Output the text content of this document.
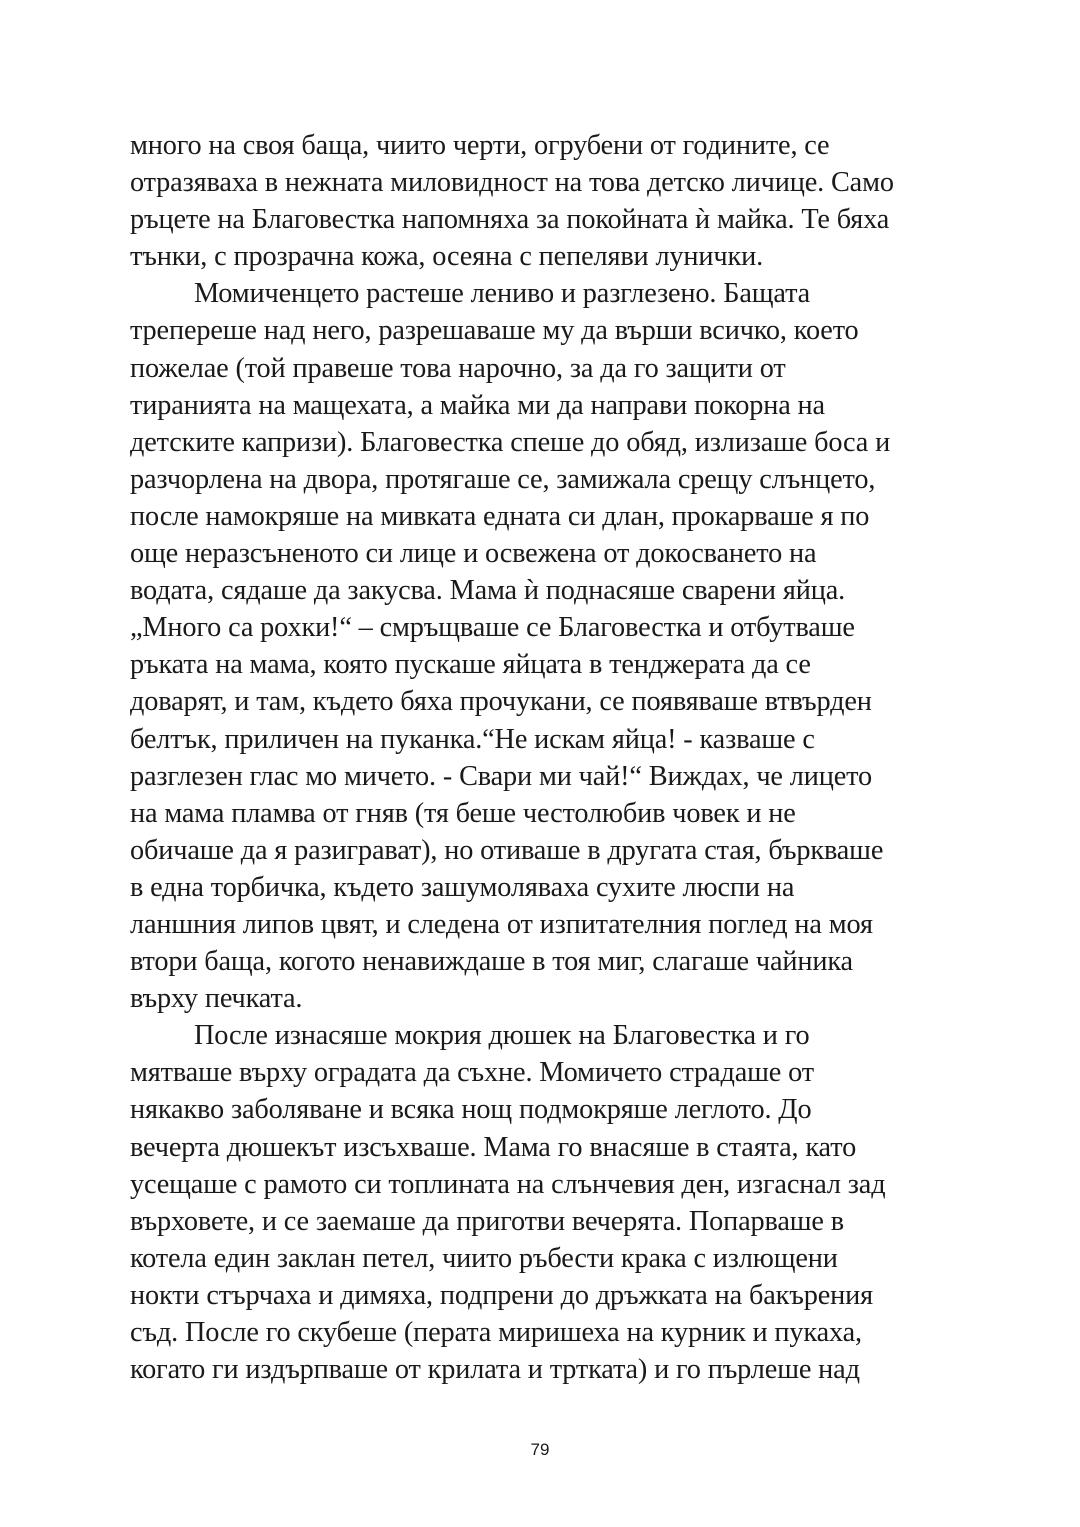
много на своя баща, чиито черти, огрубени от годините, се
отразяваха в нежната миловидност на това детско личице. Само
ръцете на Благовестка напомняха за покойната ѝ майка. Те бяха
тънки, с прозрачна кожа, осеяна с пепеляви лунички.
Момиченцето растеше лениво и разглезено. Бащата
трепереше над него, разрешаваше му да върши всичко, което
пожелае (той правеше това нарочно, за да го защити от
тиранията на мащехата, а майка ми да направи покорна на
детските капризи). Благовестка спеше до обяд, излизаше боса и
разчорлена на двора, протягаше се, замижала срещу слънцето,
после намокряше на мивката едната си длан, прокарваше я по
още неразсъненото си лице и освежена от докосването на
водата, сядаше да закусва. Мама ѝ поднасяше сварени яйца.
„Много са рохки!“ – смръщваше се Благовестка и отбутваше
ръката на мама, която пускаше яйцата в тенджерата да се
доварят, и там, където бяха прочукани, се появяваше втвърден
белтък, приличен на пуканка.“Не искам яйца! - казваше с
разглезен глас мо мичето. - Свари ми чай!“ Виждах, че лицето
на мама пламва от гняв (тя беше честолюбив човек и не
обичаше да я разиграват), но отиваше в другата стая, бъркваше
в една торбичка, където зашумоляваха сухите люспи на
ланшния липов цвят, и следена от изпитателния поглед на моя
втори баща, когото ненавиждаше в тоя миг, слагаше чайника
върху печката.
После изнасяше мокрия дюшек на Благовестка и го
мятваше върху оградата да съхне. Момичето страдаше от
някакво заболяване и всяка нощ подмокряше леглото. До
вечерта дюшекът изсъхваше. Мама го внасяше в стаята, като
усещаше с рамото си топлината на слънчевия ден, изгаснал зад
върховете, и се заемаше да приготви вечерята. Попарваше в
котела един заклан петел, чиито ръбести крака с излющени
нокти стърчаха и димяха, подпрени до дръжката на бакърения
съд. После го скубеше (перата миришеха на курник и пукаха,
когато ги издърпваше от крилата и тртката) и го пърлеше над
79
